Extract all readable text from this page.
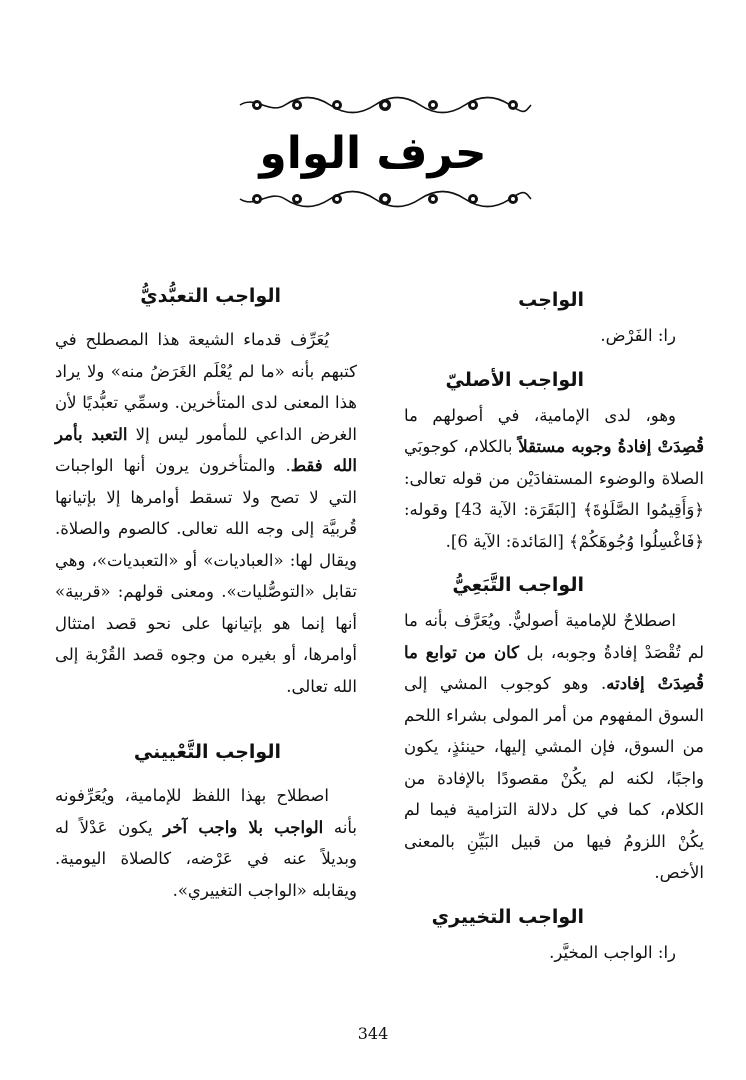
حرف الواو
الواجب

را: الفَرْض.

الواجب الأصليّ

وهو، لدى الإمامية، في أصولهم ما قُصِدَتْ إفادةُ وجوبه مستقلاً بالكلام، كوجوبَي الصلاة والوضوء المستفادَيْن من قوله تعالى: ﴿وَأَقِيمُوا الصَّلَوٰةَ﴾ [البَقَرَة: الآية 43] وقوله: ﴿فَاغْسِلُوا وُجُوهَكُمْ﴾ [المَائدة: الآية 6].

الواجب التَّبَعِيُّ

اصطلاحٌ للإمامية أصوليٌّ. ويُعَرَّف بأنه ما لم تُقْصَدْ إفادةُ وجوبه، بل كان من توابع ما قُصِدَتْ إفادته. وهو كوجوب المشي إلى السوق المفهوم من أمر المولى بشراء اللحم من السوق، فإن المشي إليها، حينئذٍ، يكون واجبًا، لكنه لم يكُنْ مقصودًا بالإفادة من الكلام، كما في كل دلالة التزامية فيما لم يكُنْ اللزومُ فيها من قبيل البَيِّنِ بالمعنى الأخص.

الواجب التخييري

را: الواجب المخيَّر.

الواجب التعبُّديُّ

يُعَرِّف قدماء الشيعة هذا المصطلح في كتبهم بأنه «ما لم يُعْلَم الغَرَضُ منه» ولا يراد هذا المعنى لدى المتأخرين. وسمِّي تعبُّديًا لأن الغرض الداعي للمأمور ليس إلا التعبد بأمر الله فقط. والمتأخرون يرون أنها الواجبات التي لا تصح ولا تسقط أوامرها إلا بإتيانها قُربيَّة إلى وجه الله تعالى. كالصوم والصلاة. ويقال لها: «العباديات» أو «التعبديات»، وهي تقابل «التوصُّليات». ومعنى قولهم: «قربية» أنها إنما هو بإتيانها على نحو قصد امتثال أوامرها، أو بغيره من وجوه قصد القُرْبة إلى الله تعالى.

الواجب التَّعْييني

اصطلاح بهذا اللفظ للإمامية، ويُعَرِّفونه بأنه الواجب بلا واجب آخر يكون عَدْلاً له وبديلاً عنه في عَرْضه، كالصلاة اليومية. ويقابله «الواجب التغييري».

344
